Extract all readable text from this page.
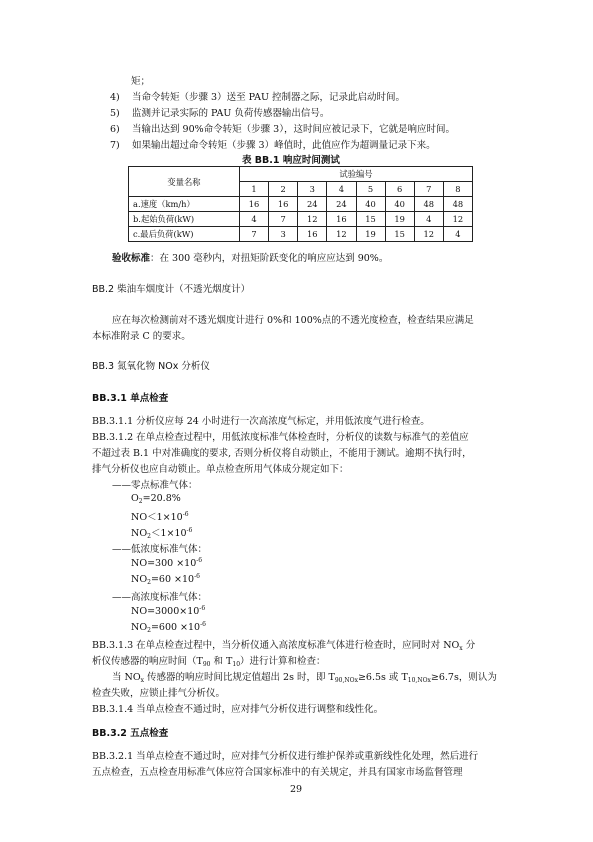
矩；
4) 当命令转矩（步骤 3）送至 PAU 控制器之际，记录此启动时间。
5) 监测并记录实际的 PAU 负荷传感器输出信号。
6) 当输出达到 90%命令转矩（步骤 3），这时间应被记录下，它就是响应时间。
7) 如果输出超过命令转矩（步骤 3）峰值时，此值应作为超调量记录下来。
表 BB.1 响应时间测试
变量名称	试验编号							
	1	2	3	4	5	6	7	8
a.速度（km/h）	16	16	24	24	40	40	48	48
b.起始负荷(kW)	4	7	12	16	15	19	4	12
c.最后负荷(kW)	7	3	16	12	19	15	12	4
验收标准：在 300 毫秒内，对扭矩阶跃变化的响应应达到 90%。
BB.2 柴油车烟度计（不透光烟度计）
应在每次检测前对不透光烟度计进行 0%和 100%点的不透光度检查，检查结果应满足
本标准附录 C 的要求。
BB.3 氮氧化物 NOx 分析仪
BB.3.1 单点检查
BB.3.1.1 分析仪应每 24 小时进行一次高浓度气标定，并用低浓度气进行检查。
BB.3.1.2 在单点检查过程中，用低浓度标准气体检查时，分析仪的读数与标准气的差值应
不超过表 B.1 中对准确度的要求, 否则分析仪将自动锁止，不能用于测试。逾期不执行时，
排气分析仪也应自动锁止。单点检查所用气体成分规定如下：
——零点标准气体：
$O_2=20.8\%$
$NO<1\times 10^{-6}$
$NO_2<1\times 10^{-6}$
——低浓度标准气体：
$NO=300 \times 10^{-6}$
$NO_2=60 \times 10^{-6}$
——高浓度标准气体：
$NO=3000\times 10^{-6}$
$NO_2=600 \times 10^{-6}$
BB.3.1.3 在单点检查过程中，当分析仪通入高浓度标准气体进行检查时，应同时对 $NO_x$ 分
析仪传感器的响应时间（$T_{90}$ 和 $T_{10}$）进行计算和检查：
当 $NO_x$ 传感器的响应时间比规定值超出 2s 时，即 $T_{90,NOx}\ge 6.5s$ 或 $T_{10,NOx}\ge 6.7s$，则认为
检查失败，应锁止排气分析仪。
BB.3.1.4 当单点检查不通过时，应对排气分析仪进行调整和线性化。
BB.3.2 五点检查
BB.3.2.1 当单点检查不通过时，应对排气分析仪进行维护保养或重新线性化处理，然后进行
五点检查，五点检查用标准气体应符合国家标准中的有关规定，并具有国家市场监督管理
29
